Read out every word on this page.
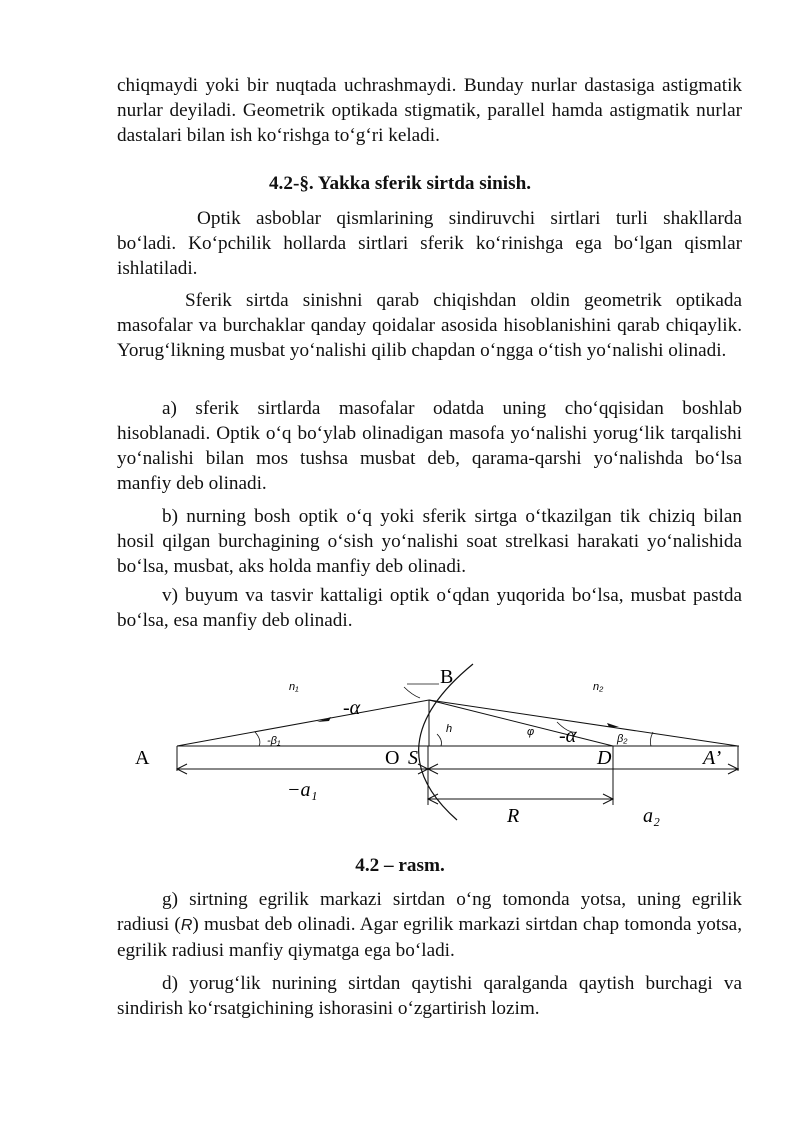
chiqmaydi yoki bir nuqtada uchrashmaydi. Bunday nurlar dastasiga astigmatik nurlar deyiladi. Geometrik optikada stigmatik, parallel hamda astigmatik nurlar dastalari bilan ish ko‘rishga to‘g‘ri keladi.

4.2-§. Yakka sferik sirtda sinish.

Optik asboblar qismlarining sindiruvchi sirtlari turli shakllarda bo‘ladi. Ko‘pchilik hollarda sirtlari sferik ko‘rinishga ega bo‘lgan qismlar ishlatiladi.

Sferik sirtda sinishni qarab chiqishdan oldin geometrik optikada masofalar va burchaklar qanday qoidalar asosida hisoblanishini qarab chiqaylik. Yorug‘likning musbat yo‘nalishi qilib chapdan o‘ngga o‘tish yo‘nalishi olinadi.

a) sferik sirtlarda masofalar odatda uning cho‘qqisidan boshlab hisoblanadi. Optik o‘q bo‘ylab olinadigan masofa yo‘nalishi yorug‘lik tarqalishi yo‘nalishi bilan mos tushsa musbat deb, qarama-qarshi yo‘nalishda bo‘lsa manfiy deb olinadi.

b) nurning bosh optik o‘q yoki sferik sirtga o‘tkazilgan tik chiziq bilan hosil qilgan burchagining o‘sish yo‘nalishi soat strelkasi harakati yo‘nalishida bo‘lsa, musbat, aks holda manfiy deb olinadi.

v) buyum va tasvir kattaligi optik o‘qdan yuqorida bo‘lsa, musbat pastda bo‘lsa, esa manfiy deb olinadi.

n₁	n₂
B
A	A’
O S	D
h	φ
-α
-α
-β₁	β₂
−a₁
R	a₂

4.2 – rasm.

g) sirtning egrilik markazi sirtdan o‘ng tomonda yotsa, uning egrilik radiusi (R) musbat deb olinadi. Agar egrilik markazi sirtdan chap tomonda yotsa, egrilik radiusi manfiy qiymatga ega bo‘ladi.

d) yorug‘lik nurining sirtdan qaytishi qaralganda qaytish burchagi va sindirish ko‘rsatgichining ishorasini o‘zgartirish lozim.
